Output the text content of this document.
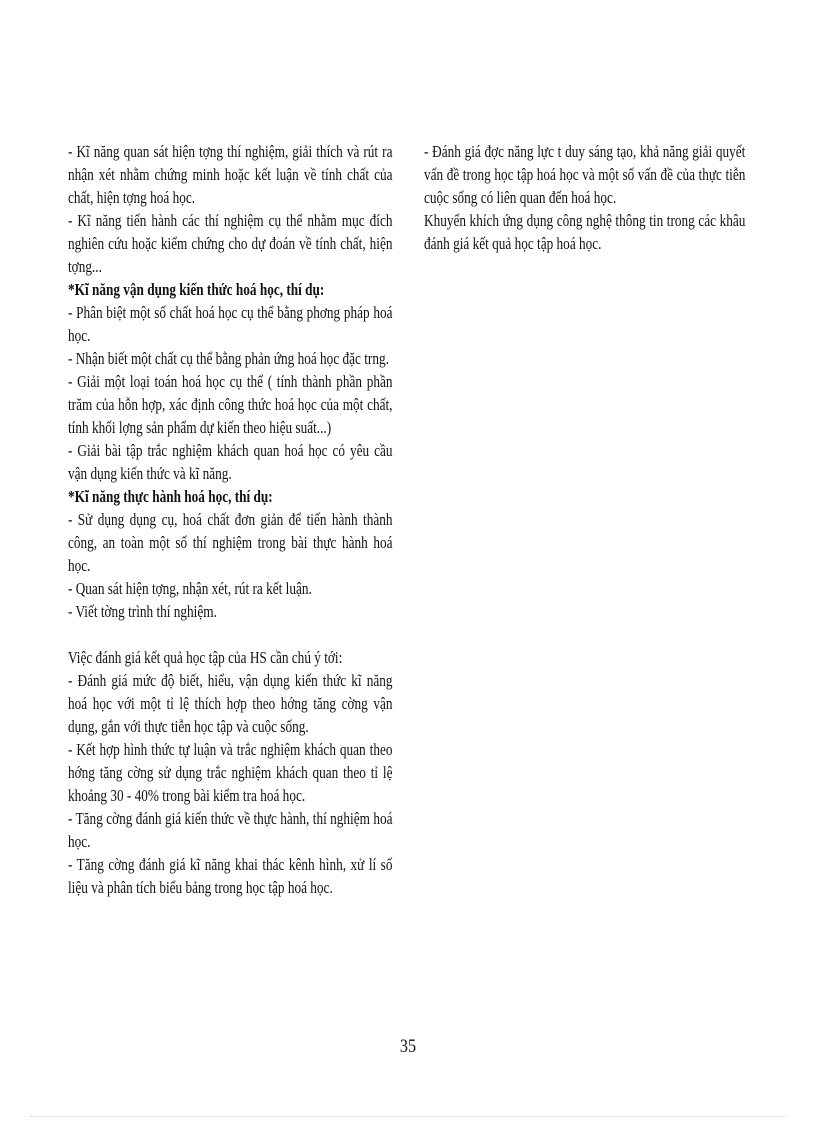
- Kĩ năng quan sát hiện tợng thí nghiệm, giải thích và rút ra nhận xét nhằm chứng minh hoặc kết luận về tính chất của chất, hiện tợng hoá học.

- Kĩ năng tiến hành các thí nghiệm cụ thể nhằm mục đích nghiên cứu hoặc kiểm chứng cho dự đoán về tính chất, hiện tợng...

*Kĩ năng vận dụng kiến thức hoá học, thí dụ:

- Phân biệt một số chất hoá học cụ thể bằng phơng pháp hoá học.

- Nhận biết một chất cụ thể bằng phản ứng hoá học đặc trng.

- Giải một loại toán hoá học cụ thể ( tính thành phần phần trăm của hỗn hợp, xác định công thức hoá học của một chất, tính khối lợng sản phẩm dự kiến theo hiệu suất...)

- Giải bài tập trắc nghiệm khách quan hoá học có yêu cầu vận dụng kiến thức và kĩ năng.

*Kĩ năng thực hành hoá học, thí dụ:

- Sử dụng dụng cụ, hoá chất đơn giản để tiến hành thành công, an toàn một số thí nghiệm trong bài thực hành hoá học.

- Quan sát hiện tợng, nhận xét, rút ra kết luận.

- Viết tờng trình thí nghiệm.

Việc đánh giá kết quả học tập của HS cần chú ý tới:

- Đánh giá mức độ biết, hiểu, vận dụng kiến thức kĩ năng hoá học với một tỉ lệ thích hợp theo hớng tăng cờng vận dụng, gắn với thực tiễn học tập và cuộc sống.

- Kết hợp hình thức tự luận và trắc nghiệm khách quan theo hớng tăng cờng sử dụng trắc nghiệm khách quan theo tỉ lệ khoảng 30 - 40% trong bài kiểm tra hoá học.

- Tăng cờng đánh giá kiến thức về thực hành, thí nghiệm hoá học.

- Tăng cờng đánh giá kĩ năng khai thác kênh hình, xử lí số liệu và phân tích biểu bảng trong học tập hoá học.

- Đánh giá đợc năng lực t duy sáng tạo, khả năng giải quyết vấn đề trong học tập hoá học và một số vấn đề của thực tiễn cuộc sống có liên quan đến hoá học.

Khuyến khích ứng dụng công nghệ thông tin trong các khâu đánh giá kết quả học tập hoá học.

35
